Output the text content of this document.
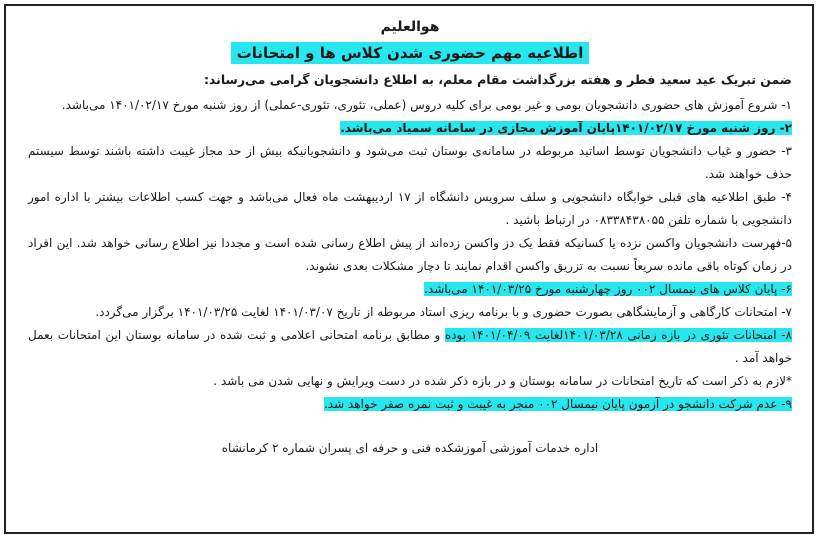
هوالعلیم
اطلاعیه مهم حضوری شدن کلاس ها و امتحانات
ضمن تبریک عید سعید فطر و هفته بزرگداشت مقام معلم، به اطلاع دانشجویان گرامی می‌رساند:

۱- شروع آموزش های حضوری دانشجویان بومی و غیر بومی برای کلیه دروس (عملی، تئوری، تئوری-عملی) از روز شنبه مورخ ۱۴۰۱/۰۲/۱۷ می‌باشد.

۲- روز شنبه مورخ ۱۴۰۱/۰۲/۱۷پایان آموزش مجازی در سامانه سمیاد می‌باشد.

۳- حضور و غیاب دانشجویان توسط اساتید مربوطه در سامانه‌ی بوستان ثبت می‌شود و دانشجویانیکه بیش از حد مجاز غیبت داشته باشند توسط سیستم حذف خواهند شد.

۴- طبق اطلاعیه های قبلی خوابگاه دانشجویی و سلف سرویس دانشگاه از ۱۷ اردیبهشت ماه فعال می‌باشد و جهت کسب اطلاعات بیشتر با اداره امور دانشجویی با شماره تلفن ۰۸۳۳۸۴۳۸۰۵۵ در ارتباط باشید .

۵-فهرست دانشجویان واکسن نزده یا کسانیکه فقط یک دز واکسن زده‌اند از پیش اطلاع رسانی شده است و مجددا نیز اطلاع رسانی خواهد شد. این افراد در زمان کوتاه باقی مانده سریعاً نسبت به تزریق واکسن اقدام نمایند تا دچار مشکلات بعدی نشوند.

۶- پایان کلاس های نیمسال ۰۰۲ روز چهارشنبه مورخ ۱۴۰۱/۰۳/۲۵ می‌باشد.

۷- امتحانات کارگاهی و آزمایشگاهی بصورت حضوری و با برنامه ریزی استاد مربوطه از تاریخ ۱۴۰۱/۰۳/۰۷ لغایت ۱۴۰۱/۰۳/۲۵ برگزار می‌گردد.

۸- امتحانات تئوری در بازه زمانی ۱۴۰۱/۰۳/۲۸لغایت ۱۴۰۱/۰۴/۰۹ بوده و مطابق برنامه امتحانی اعلامی و ثبت شده در سامانه بوستان این امتحانات بعمل خواهد آمد .

*لازم به ذکر است که تاریخ امتحانات در سامانه بوستان و در بازه ذکر شده در دست ویرایش و نهایی شدن می باشد .

۹- عدم شرکت دانشجو در آزمون پایان نیمسال ۰۰۲ منجر به غیبت و ثبت نمره صفر خواهد شد.

اداره خدمات آموزشی آموزشکده فنی و حرفه ای پسران شماره ۲ کرمانشاه
